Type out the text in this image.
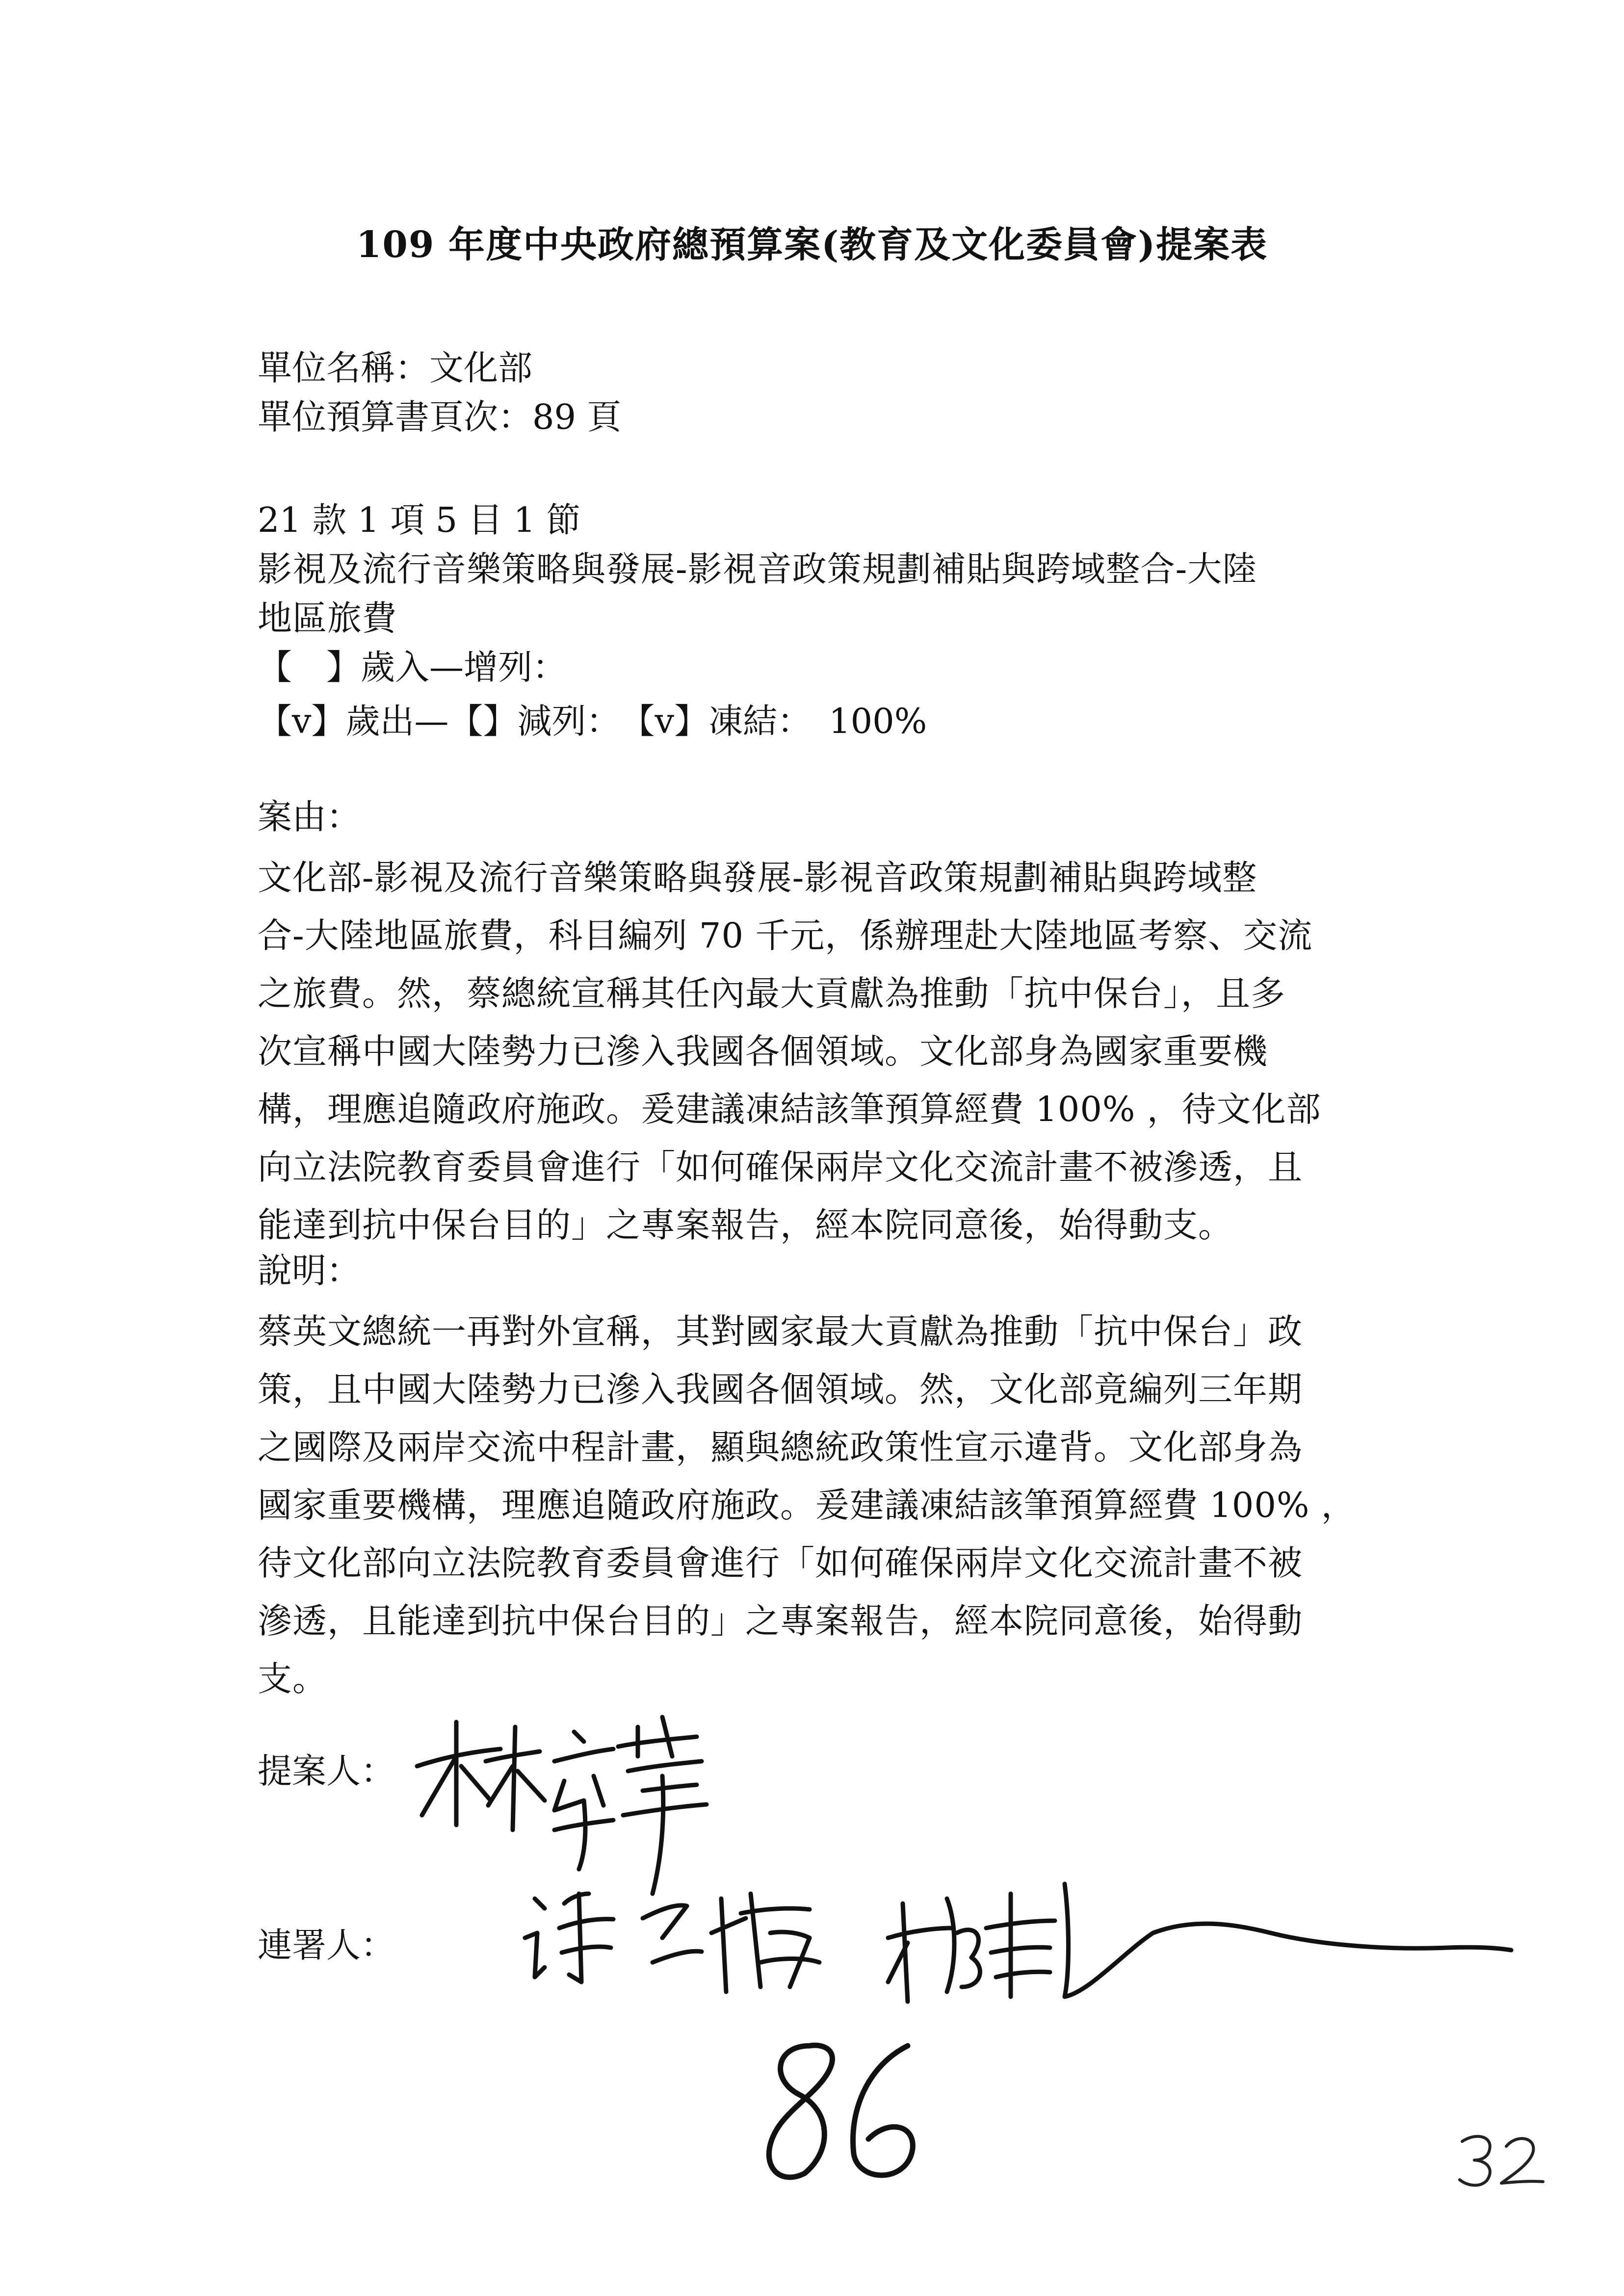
109 年度中央政府總預算案(教育及文化委員會)提案表
單位名稱：文化部
單位預算書頁次：89 頁
21 款 1 項 5 目 1 節
影視及流行音樂策略與發展-影視音政策規劃補貼與跨域整合-大陸
地區旅費
【　】歲入—增列：
【v】歲出—【】減列：　【v】凍結：　100%
案由：
文化部-影視及流行音樂策略與發展-影視音政策規劃補貼與跨域整
合-大陸地區旅費，科目編列 70 千元，係辦理赴大陸地區考察、交流
之旅費。然，蔡總統宣稱其任內最大貢獻為推動「抗中保台」，且多
次宣稱中國大陸勢力已滲入我國各個領域。文化部身為國家重要機
構，理應追隨政府施政。爰建議凍結該筆預算經費 100% ，待文化部
向立法院教育委員會進行「如何確保兩岸文化交流計畫不被滲透，且
能達到抗中保台目的」之專案報告，經本院同意後，始得動支。
說明：
蔡英文總統一再對外宣稱，其對國家最大貢獻為推動「抗中保台」政
策，且中國大陸勢力已滲入我國各個領域。然，文化部竟編列三年期
之國際及兩岸交流中程計畫，顯與總統政策性宣示違背。文化部身為
國家重要機構，理應追隨政府施政。爰建議凍結該筆預算經費 100% ，
待文化部向立法院教育委員會進行「如何確保兩岸文化交流計畫不被
滲透，且能達到抗中保台目的」之專案報告，經本院同意後，始得動
支。
提案人：
連署人：
